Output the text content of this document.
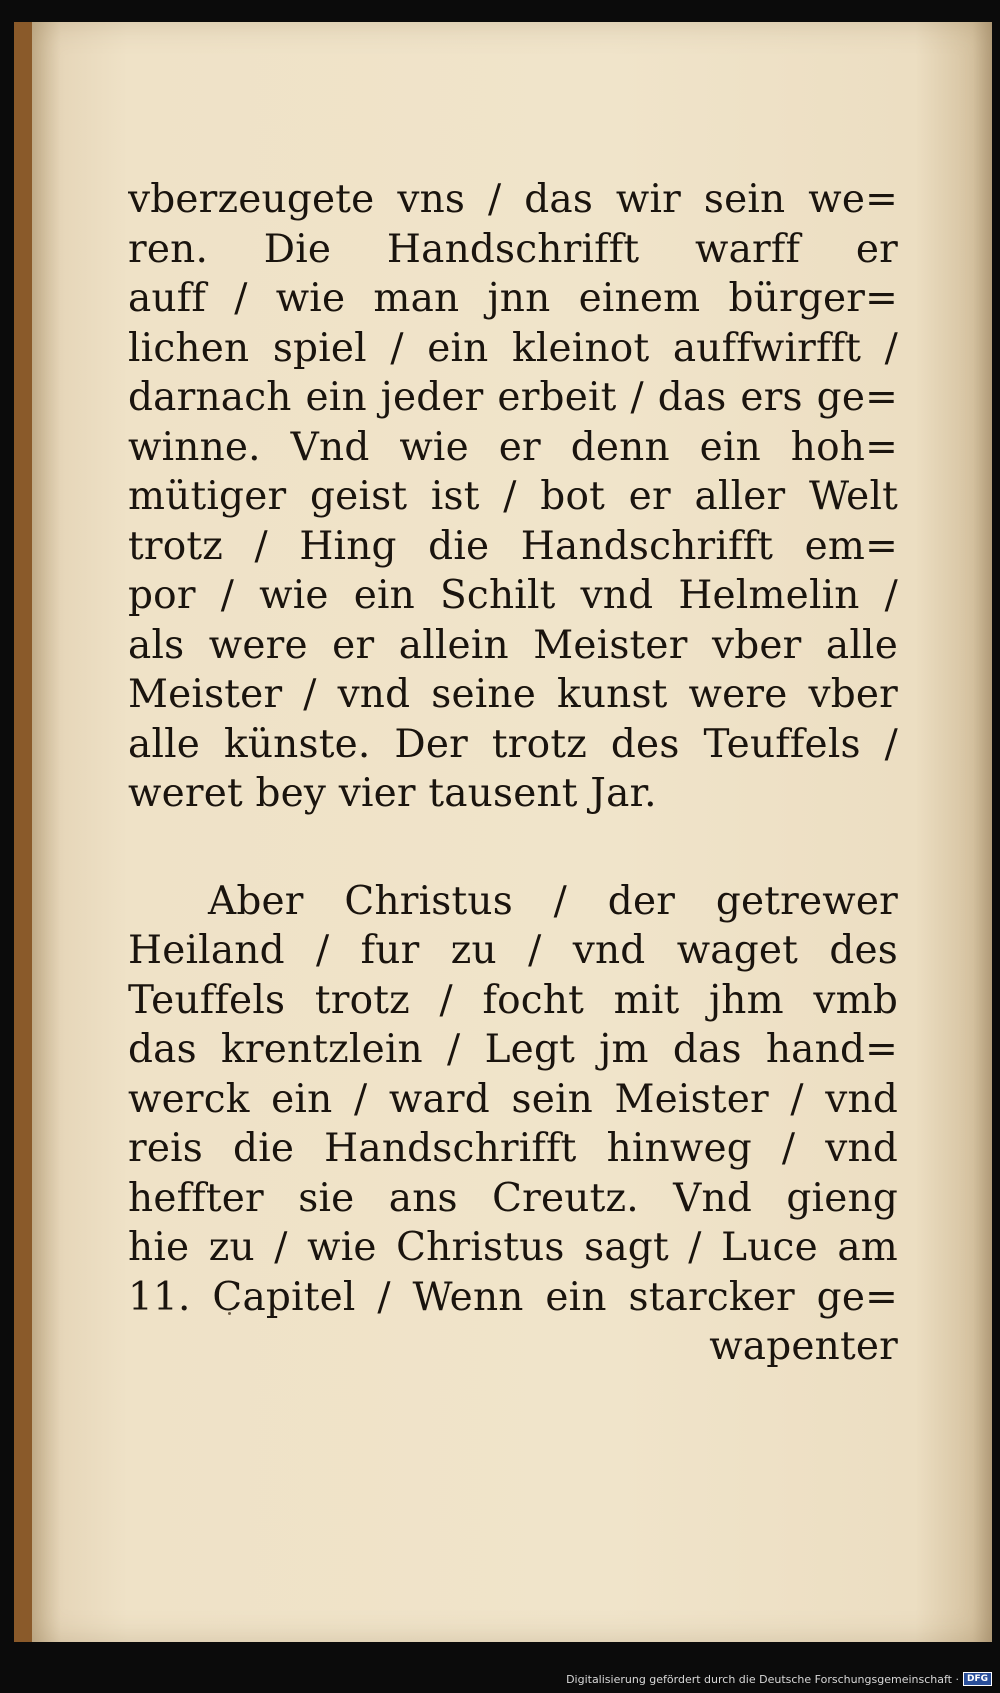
vberzeugete vns / das wir sein we=
ren. Die Handschrifft warff er
auff / wie man jnn einem bürger=
lichen spiel / ein kleinot auffwirfft /
darnach ein jeder erbeit / das ers ge=
winne. Vnd wie er denn ein hoh=
mütiger geist ist / bot er aller Welt
trotz / Hing die Handschrifft em=
por / wie ein Schilt vnd Helmelin /
als were er allein Meister vber alle
Meister / vnd seine kunst were vber
alle künste. Der trotz des Teuffels /
weret bey vier tausent Jar.
Aber Christus / der getrewer
Heiland / fur zu / vnd waget des
Teuffels trotz / focht mit jhm vmb
das krentzlein / Legt jm das hand=
werck ein / ward sein Meister / vnd
reis die Handschrifft hinweg / vnd
heffter sie ans Creutz. Vnd gieng
hie zu / wie Christus sagt / Luce am
11. Capitel / Wenn ein starcker ge=
wapenter
Digitalisierung gefördert durch die Deutsche Forschungsgemeinschaft · DFG
